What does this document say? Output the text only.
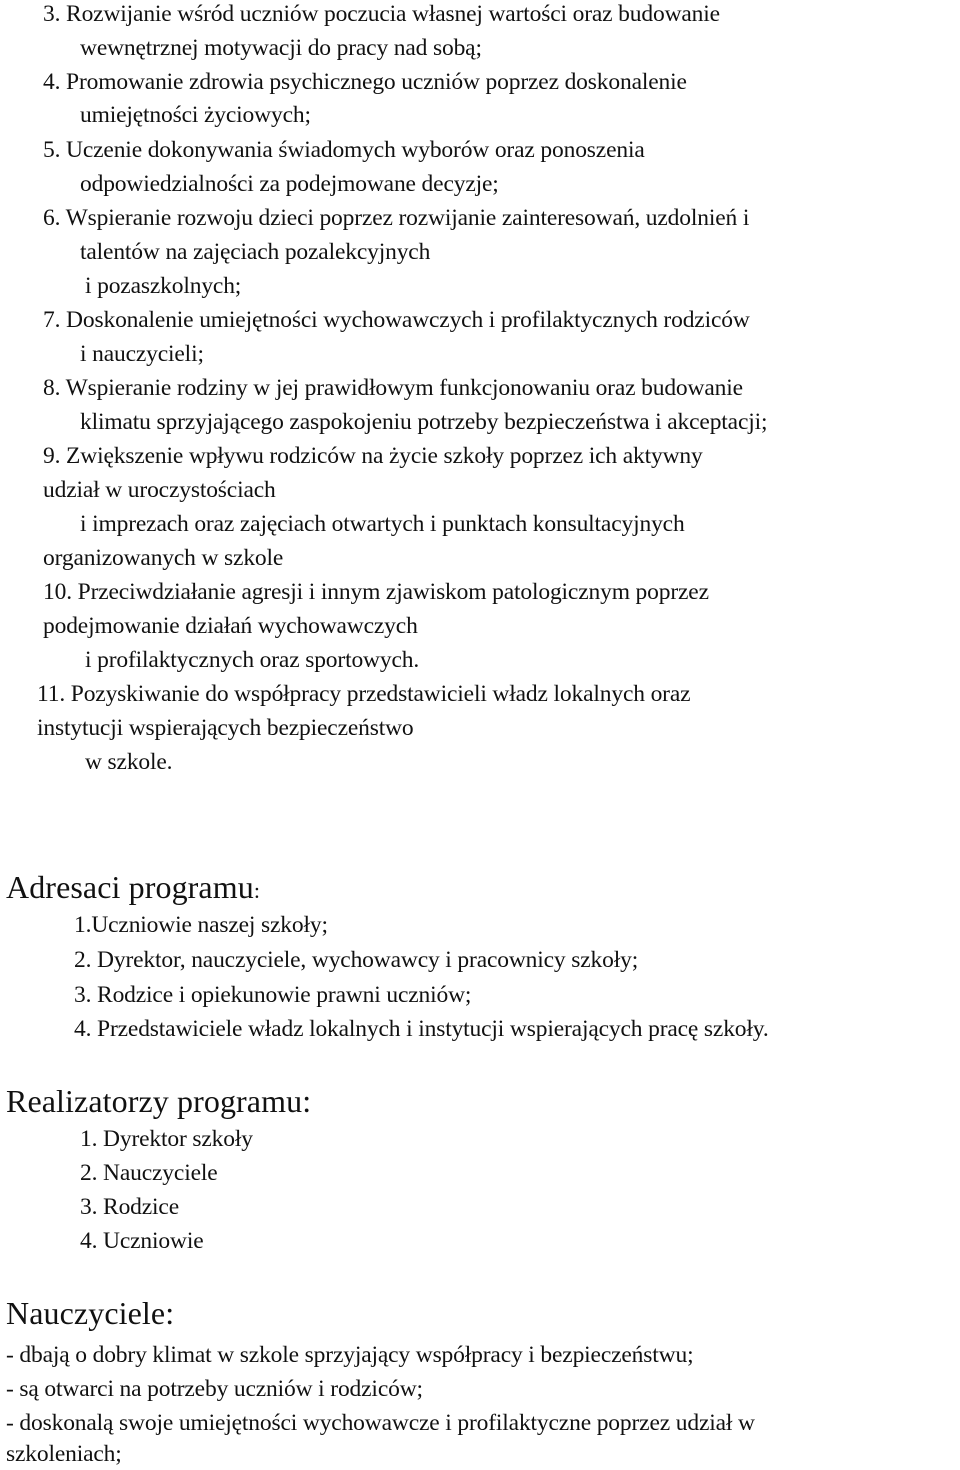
3. Rozwijanie wśród uczniów poczucia własnej wartości oraz budowanie
wewnętrznej motywacji do pracy nad sobą;
4. Promowanie zdrowia psychicznego uczniów poprzez doskonalenie
umiejętności życiowych;
5. Uczenie dokonywania świadomych wyborów oraz ponoszenia
odpowiedzialności za podejmowane decyzje;
6. Wspieranie rozwoju dzieci poprzez rozwijanie zainteresowań, uzdolnień i
talentów na zajęciach pozalekcyjnych
i pozaszkolnych;
7. Doskonalenie umiejętności wychowawczych i profilaktycznych rodziców
i nauczycieli;
8. Wspieranie rodziny w jej prawidłowym funkcjonowaniu oraz budowanie
klimatu sprzyjającego zaspokojeniu potrzeby bezpieczeństwa i akceptacji;
9. Zwiększenie wpływu rodziców na życie szkoły poprzez ich aktywny
udział w uroczystościach
i imprezach oraz zajęciach otwartych i punktach konsultacyjnych
organizowanych w szkole
10. Przeciwdziałanie agresji i innym zjawiskom patologicznym poprzez
podejmowanie działań wychowawczych
i profilaktycznych oraz sportowych.
11. Pozyskiwanie do współpracy przedstawicieli władz lokalnych oraz
instytucji wspierających bezpieczeństwo
w szkole.
Adresaci programu:
1.Uczniowie naszej szkoły;
2. Dyrektor, nauczyciele, wychowawcy i pracownicy szkoły;
3. Rodzice i opiekunowie prawni uczniów;
4. Przedstawiciele władz lokalnych i instytucji wspierających pracę szkoły.
Realizatorzy programu:
1. Dyrektor szkoły
2. Nauczyciele
3. Rodzice
4. Uczniowie
Nauczyciele:
- dbają o dobry klimat w szkole sprzyjający współpracy i bezpieczeństwu;
- są otwarci na potrzeby uczniów i rodziców;
- doskonalą swoje umiejętności wychowawcze i profilaktyczne poprzez udział w
szkoleniach;
